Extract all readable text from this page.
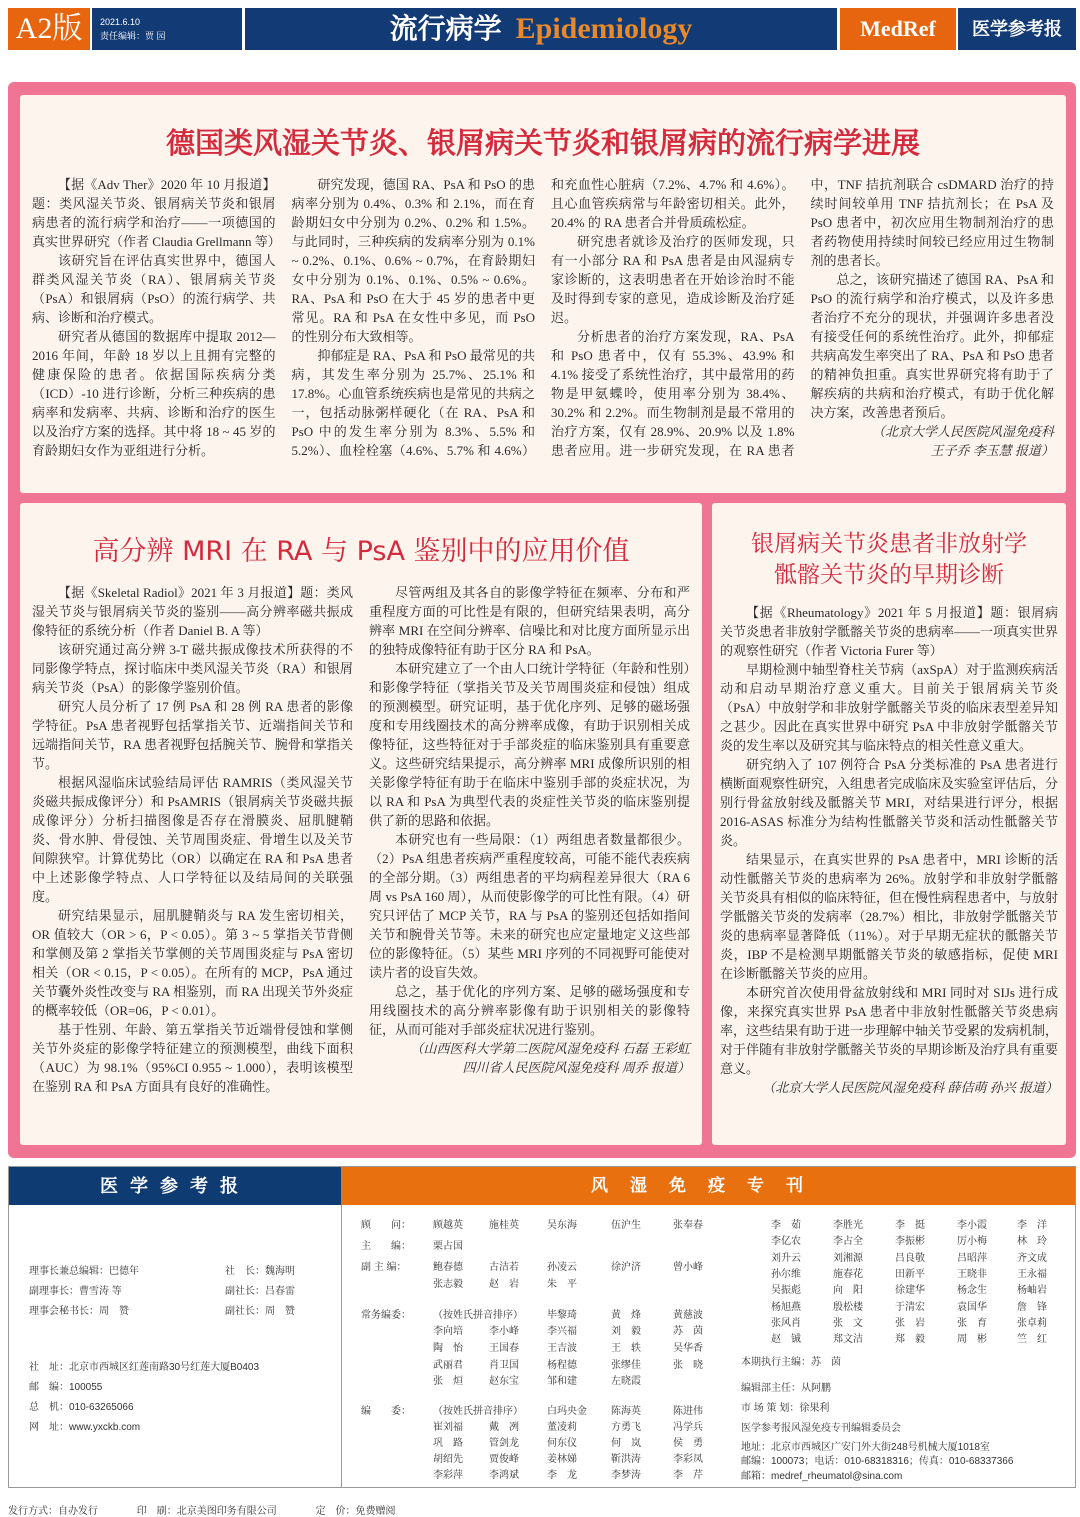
A2版	2021.6.10
责任编辑：贾 园	流行病学 Epidemiology	MedRef	医学参考报
德国类风湿关节炎、银屑病关节炎和银屑病的流行病学进展

【据《Adv Ther》2020 年 10 月报道】题：类风湿关节炎、银屑病关节炎和银屑病患者的流行病学和治疗——一项德国的真实世界研究（作者 Claudia Grellmann 等）

该研究旨在评估真实世界中，德国人群类风湿关节炎（RA）、银屑病关节炎（PsA）和银屑病（PsO）的流行病学、共病、诊断和治疗模式。

研究者从德国的数据库中提取 2012—2016 年间，年龄 18 岁以上且拥有完整的健康保险的患者。依据国际疾病分类（ICD）-10 进行诊断，分析三种疾病的患病率和发病率、共病、诊断和治疗的医生以及治疗方案的选择。其中将 18 ~ 45 岁的育龄期妇女作为亚组进行分析。

研究发现，德国 RA、PsA 和 PsO 的患病率分别为 0.4%、0.3% 和 2.1%，而在育龄期妇女中分别为 0.2%、0.2% 和 1.5%。与此同时，三种疾病的发病率分别为 0.1% ~ 0.2%、0.1%、0.6% ~ 0.7%，在育龄期妇女中分别为 0.1%、0.1%、0.5% ~ 0.6%。RA、PsA 和 PsO 在大于 45 岁的患者中更常见。RA 和 PsA 在女性中多见，而 PsO 的性别分布大致相等。

抑郁症是 RA、PsA 和 PsO 最常见的共病，其发生率分别为 25.7%、25.1% 和 17.8%。心血管系统疾病也是常见的共病之一，包括动脉粥样硬化（在 RA、PsA 和 PsO 中的发生率分别为 8.3%、5.5% 和 5.2%）、血栓栓塞（4.6%、5.7% 和 4.6%）和充血性心脏病（7.2%、4.7% 和 4.6%）。且心血管疾病常与年龄密切相关。此外，20.4% 的 RA 患者合并骨质疏松症。

研究患者就诊及治疗的医师发现，只有一小部分 RA 和 PsA 患者是由风湿病专家诊断的，这表明患者在开始诊治时不能及时得到专家的意见，造成诊断及治疗延迟。

分析患者的治疗方案发现，RA、PsA 和 PsO 患者中，仅有 55.3%、43.9% 和 4.1% 接受了系统性治疗，其中最常用的药物是甲氨蝶呤，使用率分别为 38.4%、30.2% 和 2.2%。而生物制剂是最不常用的治疗方案，仅有 28.9%、20.9% 以及 1.8% 患者应用。进一步研究发现，在 RA 患者中，TNF 拮抗剂联合 csDMARD 治疗的持续时间较单用 TNF 拮抗剂长；在 PsA 及 PsO 患者中，初次应用生物制剂治疗的患者药物使用持续时间较已经应用过生物制剂的患者长。

总之，该研究描述了德国 RA、PsA 和 PsO 的流行病学和治疗模式，以及许多患者治疗不充分的现状，并强调许多患者没有接受任何的系统性治疗。此外，抑郁症共病高发生率突出了 RA、PsA 和 PsO 患者的精神负担重。真实世界研究将有助于了解疾病的共病和治疗模式，有助于优化解决方案，改善患者预后。

（北京大学人民医院风湿免疫科

王子乔 李玉慧 报道）

高分辨 MRI 在 RA 与 PsA 鉴别中的应用价值

【据《Skeletal Radiol》2021 年 3 月报道】题：类风湿关节炎与银屑病关节炎的鉴别——高分辨率磁共振成像特征的系统分析（作者 Daniel B. A 等）

该研究通过高分辨 3-T 磁共振成像技术所获得的不同影像学特点，探讨临床中类风湿关节炎（RA）和银屑病关节炎（PsA）的影像学鉴别价值。

研究人员分析了 17 例 PsA 和 28 例 RA 患者的影像学特征。PsA 患者视野包括掌指关节、近端指间关节和远端指间关节，RA 患者视野包括腕关节、腕骨和掌指关节。

根据风湿临床试验结局评估 RAMRIS（类风湿关节炎磁共振成像评分）和 PsAMRIS（银屑病关节炎磁共振成像评分）分析扫描图像是否存在滑膜炎、屈肌腱鞘炎、骨水肿、骨侵蚀、关节周围炎症、骨增生以及关节间隙狭窄。计算优势比（OR）以确定在 RA 和 PsA 患者中上述影像学特点、人口学特征以及结局间的关联强度。

研究结果显示，屈肌腱鞘炎与 RA 发生密切相关，OR 值较大（OR > 6，P < 0.05）。第 3 ~ 5 掌指关节背侧和掌侧及第 2 掌指关节掌侧的关节周围炎症与 PsA 密切相关（OR < 0.15，P < 0.05）。在所有的 MCP，PsA 通过关节囊外炎性改变与 RA 相鉴别，而 RA 出现关节外炎症的概率较低（OR=06，P < 0.01）。

基于性别、年龄、第五掌指关节近端骨侵蚀和掌侧关节外炎症的影像学特征建立的预测模型，曲线下面积（AUC）为 98.1%（95%CI 0.955 ~ 1.000），表明该模型在鉴别 RA 和 PsA 方面具有良好的准确性。

尽管两组及其各自的影像学特征在频率、分布和严重程度方面的可比性是有限的，但研究结果表明，高分辨率 MRI 在空间分辨率、信噪比和对比度方面所显示出的独特成像特征有助于区分 RA 和 PsA。

本研究建立了一个由人口统计学特征（年龄和性别）和影像学特征（掌指关节及关节周围炎症和侵蚀）组成的预测模型。研究证明，基于优化序列、足够的磁场强度和专用线圈技术的高分辨率成像，有助于识别相关成像特征，这些特征对于手部炎症的临床鉴别具有重要意义。这些研究结果提示，高分辨率 MRI 成像所识别的相关影像学特征有助于在临床中鉴别手部的炎症状况，为以 RA 和 PsA 为典型代表的炎症性关节炎的临床鉴别提供了新的思路和依据。

本研究也有一些局限：（1）两组患者数量都很少。（2）PsA 组患者疾病严重程度较高，可能不能代表疾病的全部分期。（3）两组患者的平均病程差异很大（RA 6 周 vs PsA 160 周），从而使影像学的可比性有限。（4）研究只评估了 MCP 关节，RA 与 PsA 的鉴别还包括如指间关节和腕骨关节等。未来的研究也应定量地定义这些部位的影像特征。（5）某些 MRI 序列的不同视野可能使对读片者的设盲失效。

总之，基于优化的序列方案、足够的磁场强度和专用线圈技术的高分辨率影像有助于识别相关的影像特征，从而可能对手部炎症状况进行鉴别。

（山西医科大学第二医院风湿免疫科 石磊 王彩虹

四川省人民医院风湿免疫科 周乔 报道）

银屑病关节炎患者非放射学
骶髂关节炎的早期诊断

【据《Rheumatology》2021 年 5 月报道】题：银屑病关节炎患者非放射学骶髂关节炎的患病率——一项真实世界的观察性研究（作者 Victoria Furer 等）

早期检测中轴型脊柱关节病（axSpA）对于监测疾病活动和启动早期治疗意义重大。目前关于银屑病关节炎（PsA）中放射学和非放射学骶髂关节炎的临床表型差异知之甚少。因此在真实世界中研究 PsA 中非放射学骶髂关节炎的发生率以及研究其与临床特点的相关性意义重大。

研究纳入了 107 例符合 PsA 分类标准的 PsA 患者进行横断面观察性研究，入组患者完成临床及实验室评估后，分别行骨盆放射线及骶髂关节 MRI，对结果进行评分，根据 2016-ASAS 标准分为结构性骶髂关节炎和活动性骶髂关节炎。

结果显示，在真实世界的 PsA 患者中，MRI 诊断的活动性骶髂关节炎的患病率为 26%。放射学和非放射学骶髂关节炎具有相似的临床特征，但在慢性病程患者中，与放射学骶髂关节炎的发病率（28.7%）相比，非放射学骶髂关节炎的患病率显著降低（11%）。对于早期无症状的骶髂关节炎，IBP 不是检测早期骶髂关节炎的敏感指标，促使 MRI 在诊断骶髂关节炎的应用。

本研究首次使用骨盆放射线和 MRI 同时对 SIJs 进行成像，来探究真实世界 PsA 患者中非放射性骶髂关节炎患病率，这些结果有助于进一步理解中轴关节受累的发病机制，对于伴随有非放射学骶髂关节炎的早期诊断及治疗具有重要意义。

（北京大学人民医院风湿免疫科 薛佶萌 孙兴 报道）

医学参考报	风湿免疫专刊
理事长兼总编辑：巴德年	社　长：魏海明
副理事长：曹雪涛 等	副社长：吕春雷
理事会秘书长：周　赞	副社长：周　赞
社　址：北京市西城区红莲南路30号红莲大厦B0403
邮　编：100055
总　机：010-63265066
网　址：www.yxckb.com
顾　　问： 顾越英	施桂英	吴东海	伍沪生	张奉春
主　　编： 栗占国
副 主 编：	鲍春德	古洁若	孙凌云	徐沪济	曾小峰
张志毅	赵　岩	朱　平
常务编委： （按姓氏拼音排序） 毕黎琦	黄　烽	黄慈波
李向培	李小峰	李兴福	刘　毅	苏　茵
陶　怡	王国春	王吉波	王　轶	吴华香
武丽君	肖卫国	杨程德	张缪佳	张　晓
张　烜	赵东宝	邹和建	左晓霞
编　　委： （按姓氏拼音排序） 白玛央金 陈海英	陈进伟
崔刘福	戴　冽	董凌莉	方勇飞	冯学兵
巩　路	管剑龙	何东仪	何　岚	侯　勇
胡绍先	贾俊峰	姜林娣	靳洪涛	李彩凤
李彩萍	李鸿斌	李　龙	李梦涛	李　芹
李　茹	李胜光	李　挺	李小霞	李　洋
李亿农	李占全	李振彬	厉小梅	林　玲
刘升云	刘湘源	吕良敬	吕昭萍	齐文成
孙尔维	施春花	田新平	王晓非	王永福
吴振彪	向　阳	徐建华	杨念生	杨岫岩
杨旭燕	殷松楼	于清宏	袁国华	詹　锋
张风肖	张　文	张　岩	张　育	张卓莉
赵　铖	郑文洁	郑　毅	周　彬	竺　红
本期执行主编：苏　茵
编辑部主任：从阿鹏
市 场 策 划：徐果利
医学参考报风湿免疫专刊编辑委员会
地址：北京市西城区广安门外大街248号机械大厦1018室
邮编：100073；电话：010-68318316；传真：010-68337366
邮箱：medref_rheumatol@sina.com
发行方式：自办发行	印　刷：北京美图印务有限公司	定　价：免费赠阅
